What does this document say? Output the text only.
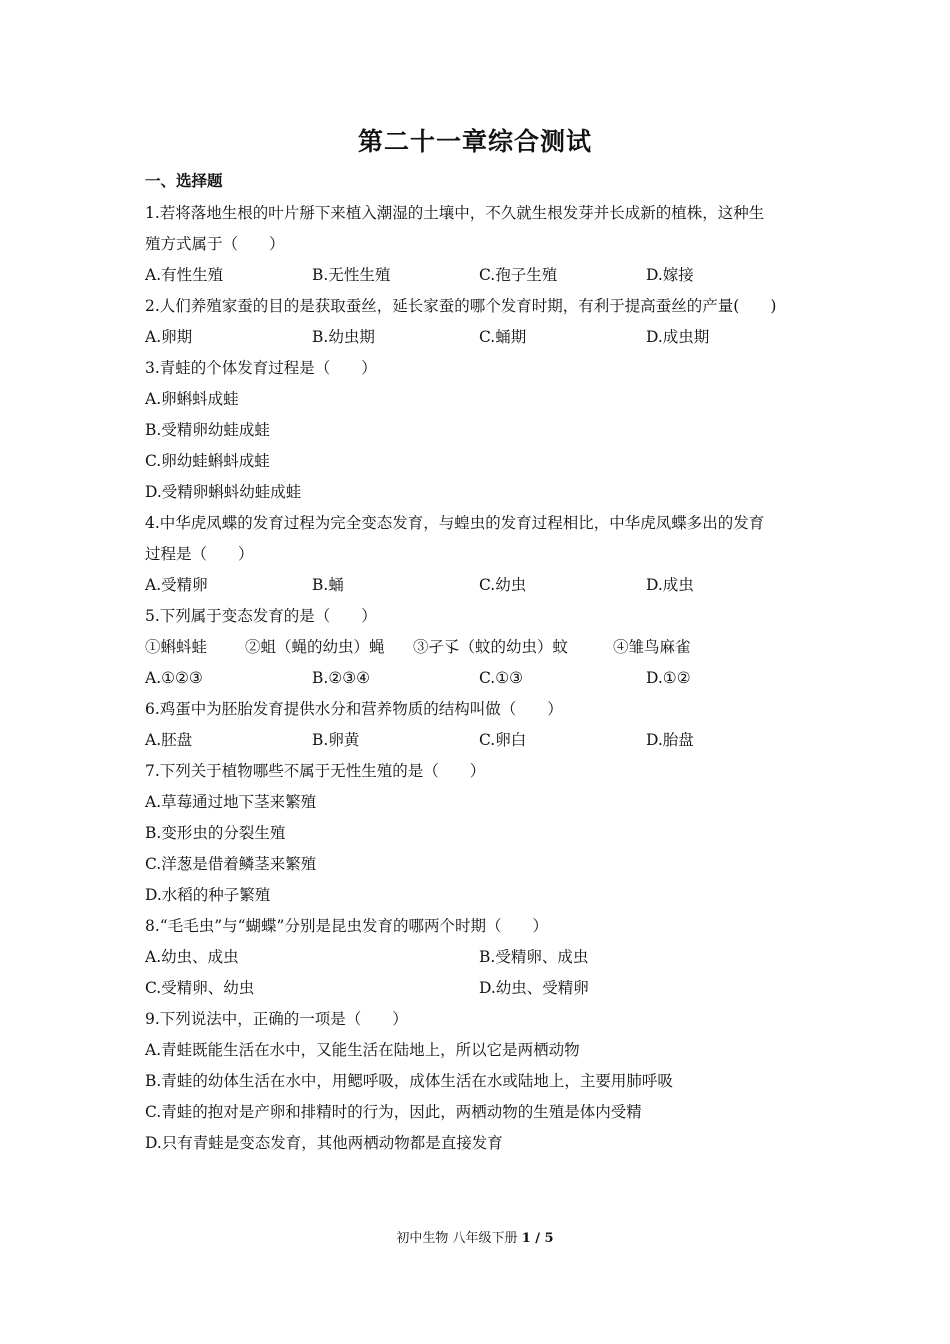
第二十一章综合测试
一、选择题
1.若将落地生根的叶片掰下来植入潮湿的土壤中，不久就生根发芽并长成新的植株，这种生
殖方式属于（　　）
A.有性生殖	B.无性生殖	C.孢子生殖	D.嫁接
2.人们养殖家蚕的目的是获取蚕丝，延长家蚕的哪个发育时期，有利于提高蚕丝的产量(　　)
A.卵期	B.幼虫期	C.蛹期	D.成虫期
3.青蛙的个体发育过程是（　　）
A.卵蝌蚪成蛙
B.受精卵幼蛙成蛙
C.卵幼蛙蝌蚪成蛙
D.受精卵蝌蚪幼蛙成蛙
4.中华虎凤蝶的发育过程为完全变态发育，与蝗虫的发育过程相比，中华虎凤蝶多出的发育
过程是（　　）
A.受精卵	B.蛹	C.幼虫	D.成虫
5.下列属于变态发育的是（　　）
①蝌蚪蛙	②蛆（蝇的幼虫）蝇	③孑孓（蚊的幼虫）蚊	④雏鸟麻雀
A.①②③	B.②③④	C.①③	D.①②
6.鸡蛋中为胚胎发育提供水分和营养物质的结构叫做（　　）
A.胚盘	B.卵黄	C.卵白	D.胎盘
7.下列关于植物哪些不属于无性生殖的是（　　）
A.草莓通过地下茎来繁殖
B.变形虫的分裂生殖
C.洋葱是借着鳞茎来繁殖
D.水稻的种子繁殖
8.“毛毛虫”与“蝴蝶”分别是昆虫发育的哪两个时期（　　）
A.幼虫、成虫	B.受精卵、成虫
C.受精卵、幼虫	D.幼虫、受精卵
9.下列说法中，正确的一项是（　　）
A.青蛙既能生活在水中，又能生活在陆地上，所以它是两栖动物
B.青蛙的幼体生活在水中，用鳃呼吸，成体生活在水或陆地上，主要用肺呼吸
C.青蛙的抱对是产卵和排精时的行为，因此，两栖动物的生殖是体内受精
D.只有青蛙是变态发育，其他两栖动物都是直接发育
初中生物 八年级下册 1 / 5
